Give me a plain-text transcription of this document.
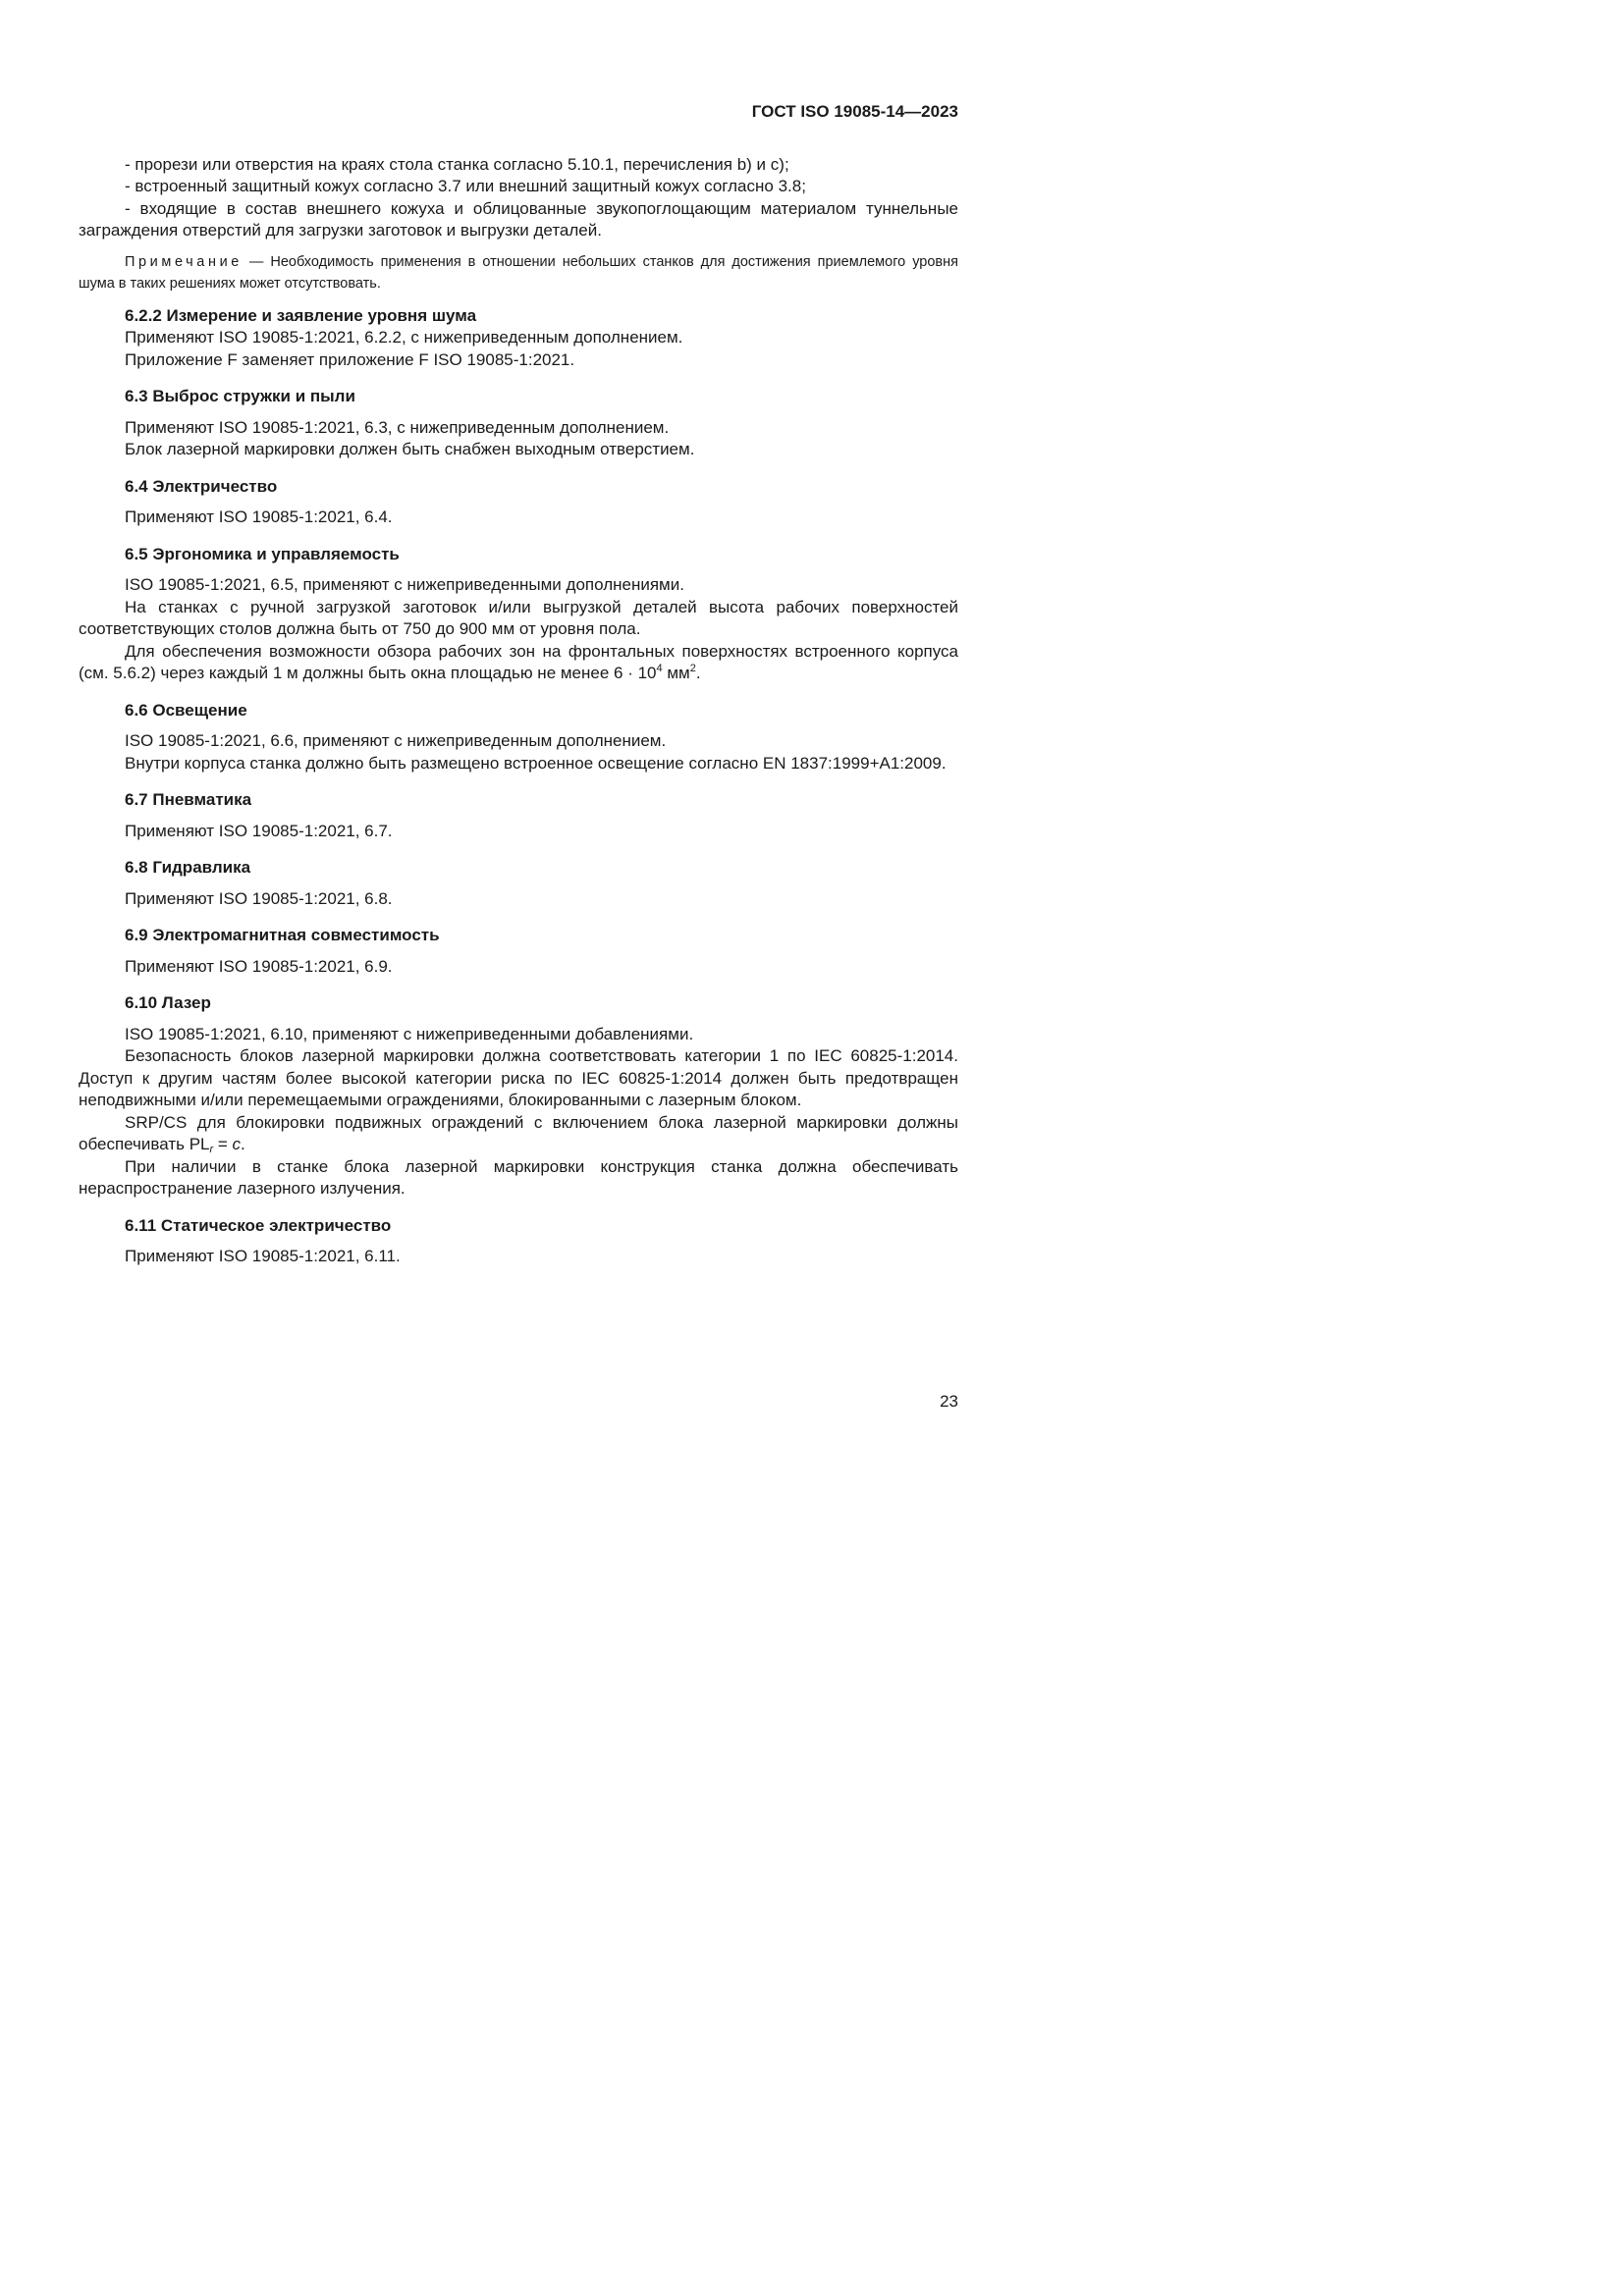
ГОСТ ISO 19085-14—2023

- прорези или отверстия на краях стола станка согласно 5.10.1, перечисления b) и c);

- встроенный защитный кожух согласно 3.7 или внешний защитный кожух согласно 3.8;

- входящие в состав внешнего кожуха и облицованные звукопоглощающим материалом туннельные заграждения отверстий для загрузки заготовок и выгрузки деталей.

Примечание — Необходимость применения в отношении небольших станков для достижения приемлемого уровня шума в таких решениях может отсутствовать.

6.2.2 Измерение и заявление уровня шума

Применяют ISO 19085-1:2021, 6.2.2, с нижеприведенным дополнением.

Приложение F заменяет приложение F ISO 19085-1:2021.

6.3 Выброс стружки и пыли

Применяют ISO 19085-1:2021, 6.3, с нижеприведенным дополнением.

Блок лазерной маркировки должен быть снабжен выходным отверстием.

6.4 Электричество

Применяют ISO 19085-1:2021, 6.4.

6.5 Эргономика и управляемость

ISO 19085-1:2021, 6.5, применяют с нижеприведенными дополнениями.

На станках с ручной загрузкой заготовок и/или выгрузкой деталей высота рабочих поверхностей соответствующих столов должна быть от 750 до 900 мм от уровня пола.

Для обеспечения возможности обзора рабочих зон на фронтальных поверхностях встроенного корпуса (см. 5.6.2) через каждый 1 м должны быть окна площадью не менее $6 \cdot 10^4$ $мм^2$.

6.6 Освещение

ISO 19085-1:2021, 6.6, применяют с нижеприведенным дополнением.

Внутри корпуса станка должно быть размещено встроенное освещение согласно EN 1837:1999+A1:2009.

6.7 Пневматика

Применяют ISO 19085-1:2021, 6.7.

6.8 Гидравлика

Применяют ISO 19085-1:2021, 6.8.

6.9 Электромагнитная совместимость

Применяют ISO 19085-1:2021, 6.9.

6.10 Лазер

ISO 19085-1:2021, 6.10, применяют с нижеприведенными добавлениями.

Безопасность блоков лазерной маркировки должна соответствовать категории 1 по IEC 60825-1:2014. Доступ к другим частям более высокой категории риска по IEC 60825-1:2014 должен быть предотвращен неподвижными и/или перемещаемыми ограждениями, блокированными с лазерным блоком.

SRP/CS для блокировки подвижных ограждений с включением блока лазерной маркировки должны обеспечивать $PL_r = c$.

При наличии в станке блока лазерной маркировки конструкция станка должна обеспечивать нераспространение лазерного излучения.

6.11 Статическое электричество

Применяют ISO 19085-1:2021, 6.11.

23
